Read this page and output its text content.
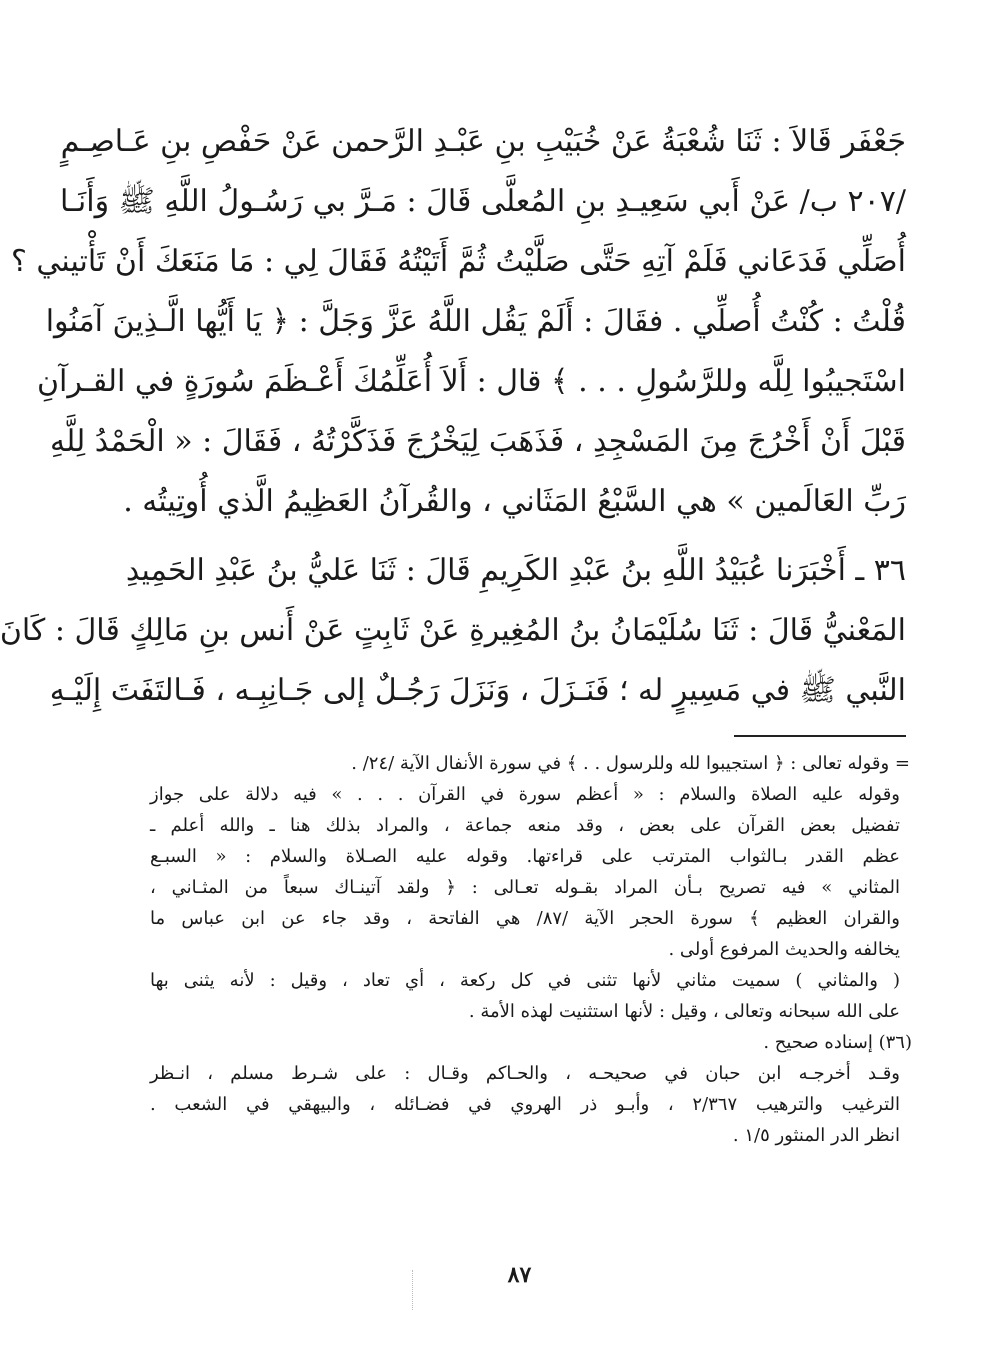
جَعْفَر قَالاَ : ثَنَا شُعْبَةُ عَنْ خُبَيْبِ بنِ عَبْـدِ الرَّحمن عَنْ حَفْصِ بنِ عَـاصِـمٍ
/٢٠٧ ب/ عَنْ أَبي سَعِيـدِ بنِ المُعلَّى قَالَ : مَـرَّ بي رَسُـولُ اللَّهِ ﷺ وَأَنَـا
أُصَلِّي فَدَعَاني فَلَمْ آتِهِ حَتَّى صَلَّيْتُ ثُمَّ أَتَيْتُهُ فَقَالَ لِي : مَا مَنَعَكَ أَنْ تَأْتيني ؟
قُلْتُ : كُنْتُ أُصلِّي . فقَالَ : أَلَمْ يَقُل اللَّهُ عَزَّ وَجَلَّ : ﴿ يَا أَيُّها الَّـذِينَ آمَنُوا
اسْتَجيبُوا لِلَّه وللرَّسُولِ . . . ﴾ قال : أَلاَ أُعَلِّمُكَ أَعْـظَمَ سُورَةٍ في القـرآنِ
قَبْلَ أَنْ أَخْرُجَ مِنَ المَسْجِدِ ، فَذَهَبَ لِيَخْرُجَ فَذَكَّرْتُهُ ، فَقَالَ : « الْحَمْدُ لِلَّهِ
رَبِّ العَالَمين » هي السَّبْعُ المَثَاني ، والقُرآنُ العَظِيمُ الَّذي أُوتِيتُه .
٣٦ ـ أَخْبَرَنا عُبَيْدُ اللَّهِ بنُ عَبْدِ الكَرِيمِ قَالَ : ثَنَا عَليُّ بنُ عَبْدِ الحَمِيدِ
المَعْنيُّ قَالَ : ثَنَا سُلَيْمَانُ بنُ المُغِيرةِ عَنْ ثَابِتٍ عَنْ أَنس بنِ مَالِكٍ قَالَ : كَانَ
النَّبي ﷺ في مَسِيرٍ له ؛ فَنَـزَلَ ، وَنَزَلَ رَجُـلٌ إلى جَـانِبِـه ، فَـالتَفَتَ إِلَيْـهِ
= وقوله تعالى : ﴿ استجيبوا لله وللرسول . . ﴾ في سورة الأنفال الآية /٢٤/ .
وقوله عليه الصلاة والسلام : « أعظم سورة في القرآن . . . » فيه دلالة على جواز
تفضيل بعض القرآن على بعض ، وقد منعه جماعة ، والمراد بذلك هنا ـ والله أعلم ـ
عظم القدر بـالثواب المترتب على قراءتها. وقوله عليه الصـلاة والسلام : « السبـع
المثاني » فيه تصريح بـأن المراد بقـوله تعـالى : ﴿ ولقد آتينـاك سبعاً من المثـاني ،
والقران العظيم ﴾ سورة الحجر الآية /٨٧/ هي الفاتحة ، وقد جاء عن ابن عباس ما
يخالفه والحديث المرفوع أولى .
( والمثاني ) سميت مثاني لأنها تثنى في كل ركعة ، أي تعاد ، وقيل : لأنه يثنى بها
على الله سبحانه وتعالى ، وقيل : لأنها استثنيت لهذه الأمة .
(٣٦) إسناده صحيح .
وقـد أخرجـه ابن حبان في صحيحـه ، والحـاكم وقـال : على شـرط مسلم ، انـظر
الترغيب والترهيب ٢/٣٦٧ ، وأبـو ذر الهروي في فضـائله ، والبيهقي في الشعب .
انظر الدر المنثور ١/٥ .
٨٧
